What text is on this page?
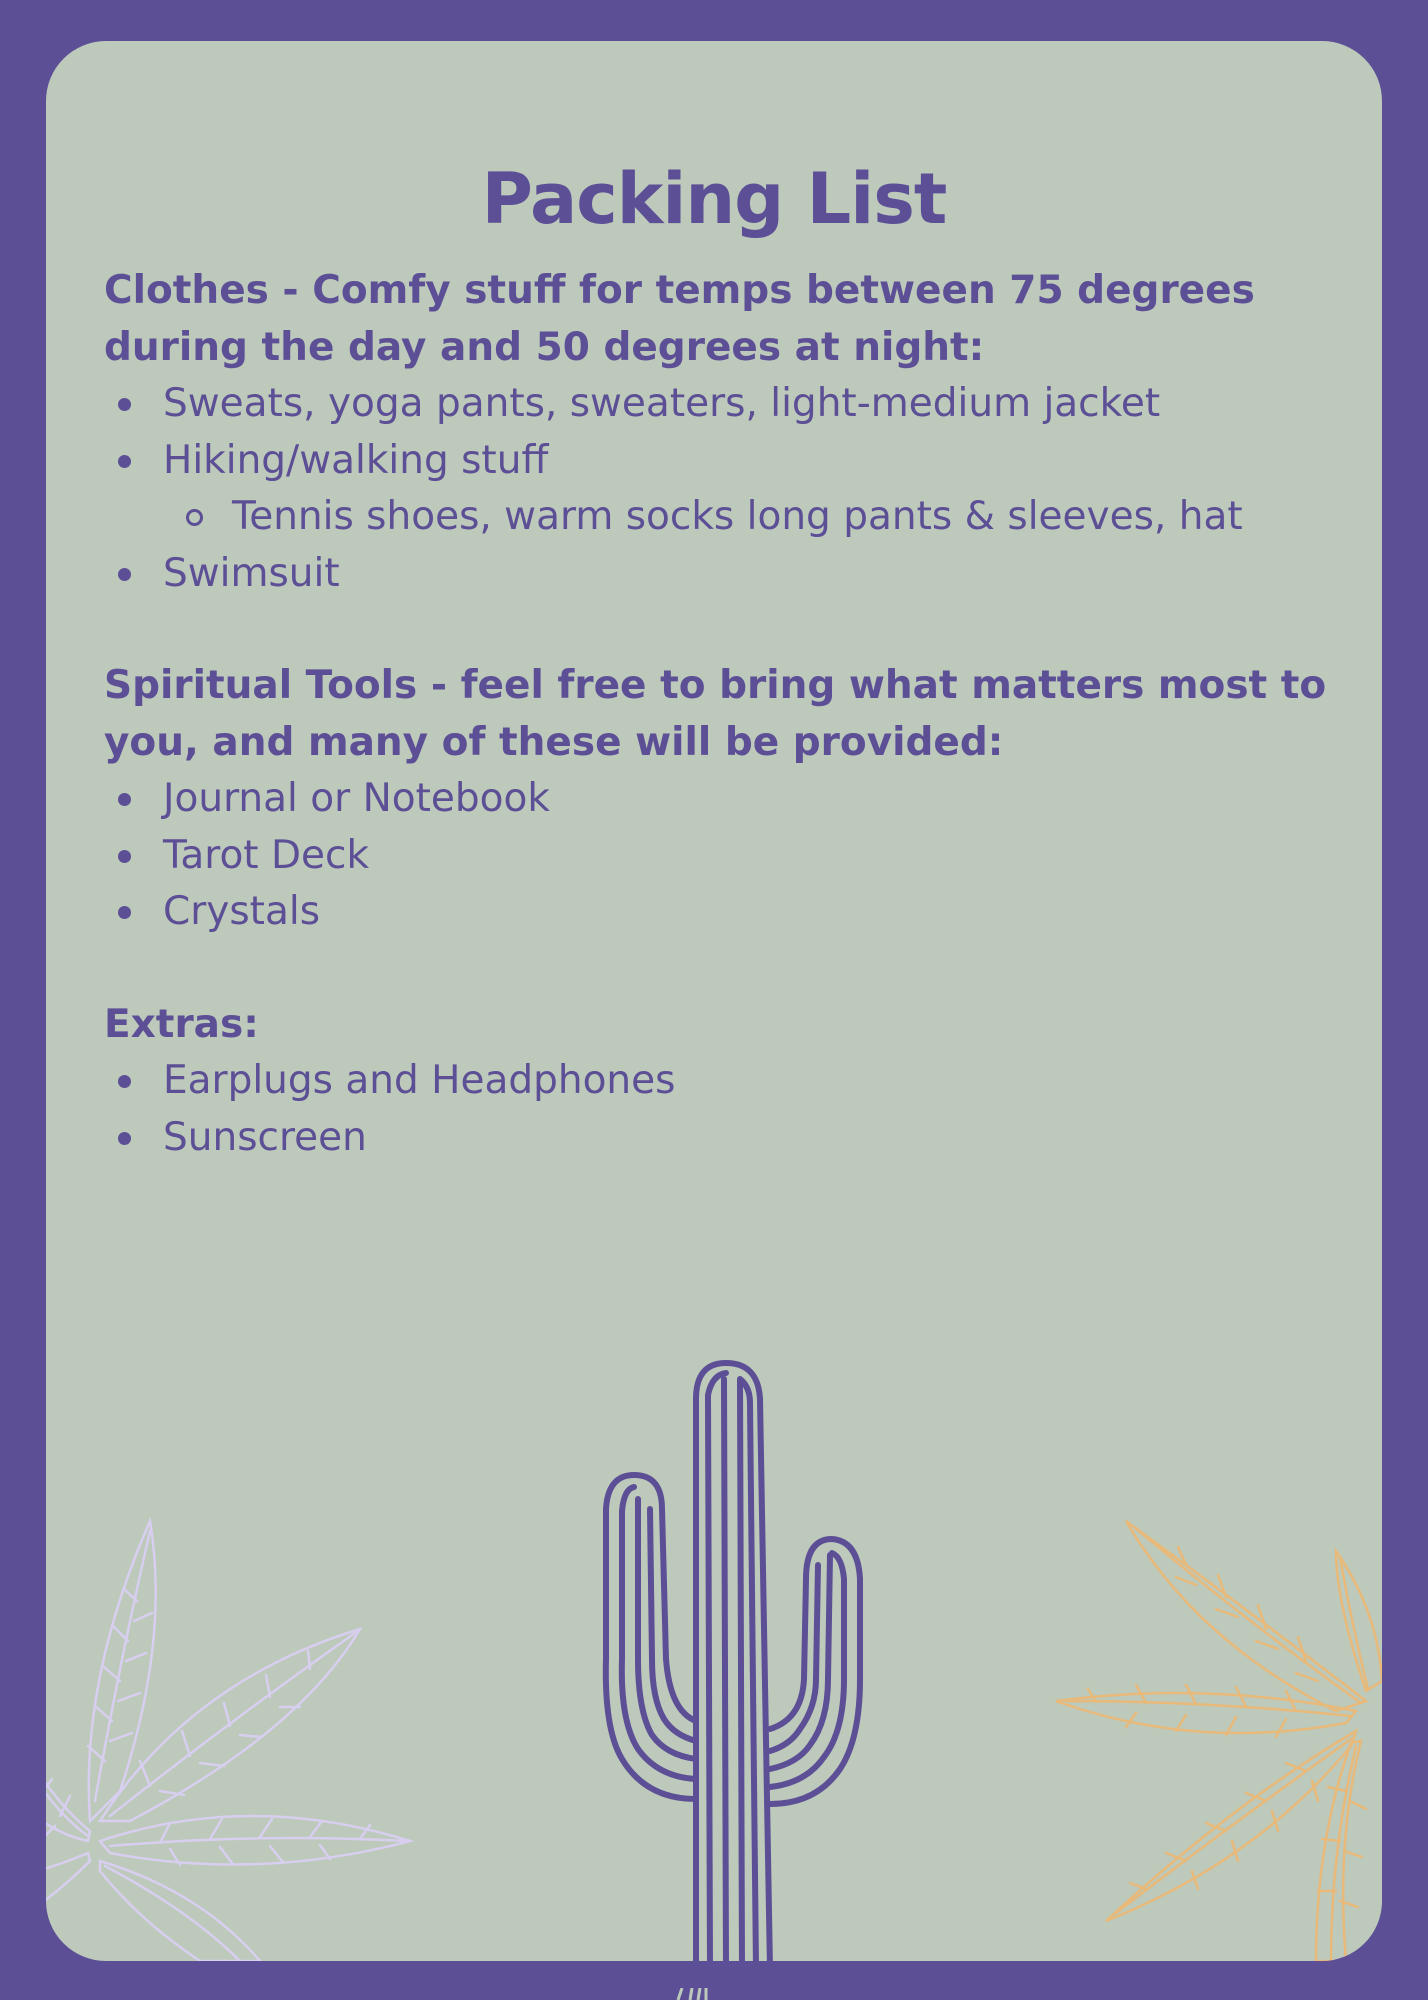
Packing List

Clothes - Comfy stuff for temps between 75 degrees
during the day and 50 degrees at night:

Sweats, yoga pants, sweaters, light-medium jacket
Hiking/walking stuff
Tennis shoes, warm socks long pants & sleeves, hat
Swimsuit

Spiritual Tools - feel free to bring what matters most to
you, and many of these will be provided:

Journal or Notebook
Tarot Deck
Crystals

Extras:

Earplugs and Headphones
Sunscreen
